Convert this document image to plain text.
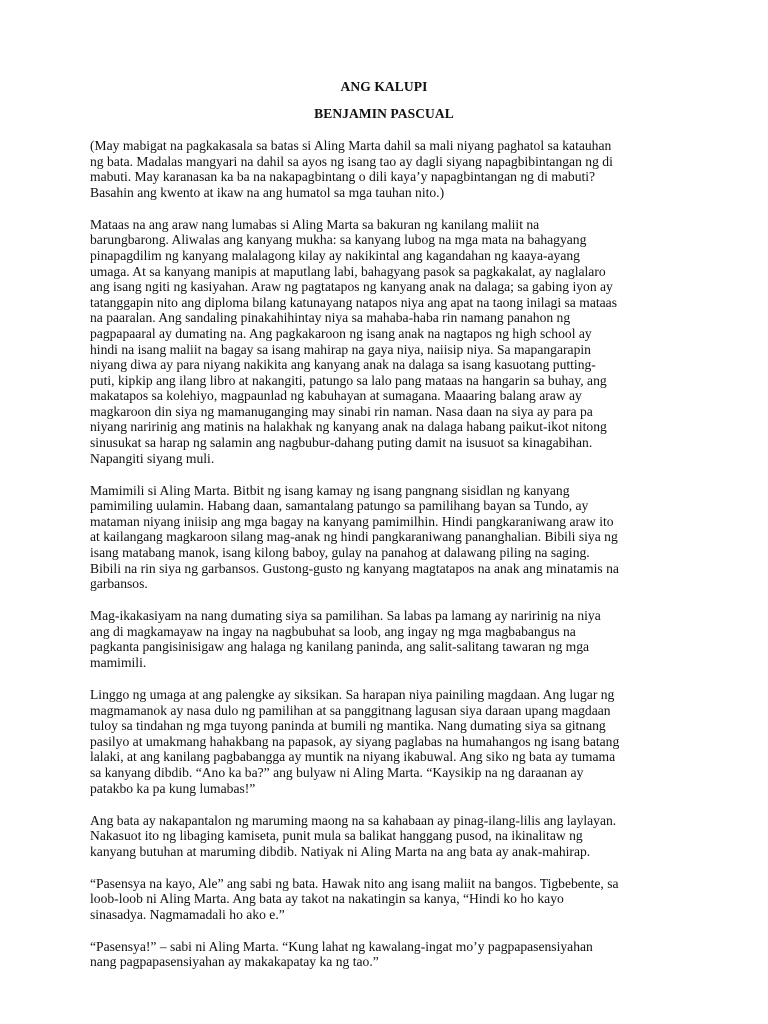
ANG KALUPI
BENJAMIN PASCUAL

(May mabigat na pagkakasala sa batas si Aling Marta dahil sa mali niyang paghatol sa katauhan
ng bata. Madalas mangyari na dahil sa ayos ng isang tao ay dagli siyang napagbibintangan ng di
mabuti. May karanasan ka ba na nakapagbintang o dili kaya’y napagbintangan ng di mabuti?
Basahin ang kwento at ikaw na ang humatol sa mga tauhan nito.)

Mataas na ang araw nang lumabas si Aling Marta sa bakuran ng kanilang maliit na
barungbarong. Aliwalas ang kanyang mukha: sa kanyang lubog na mga mata na bahagyang
pinapagdilim ng kanyang malalagong kilay ay nakikintal ang kagandahan ng kaaya-ayang
umaga. At sa kanyang manipis at maputlang labi, bahagyang pasok sa pagkakalat, ay naglalaro
ang isang ngiti ng kasiyahan. Araw ng pagtatapos ng kanyang anak na dalaga; sa gabing iyon ay
tatanggapin nito ang diploma bilang katunayang natapos niya ang apat na taong inilagi sa mataas
na paaralan. Ang sandaling pinakahihintay niya sa mahaba-haba rin namang panahon ng
pagpapaaral ay dumating na. Ang pagkakaroon ng isang anak na nagtapos ng high school ay
hindi na isang maliit na bagay sa isang mahirap na gaya niya, naiisip niya. Sa mapangarapin
niyang diwa ay para niyang nakikita ang kanyang anak na dalaga sa isang kasuotang putting-
puti, kipkip ang ilang libro at nakangiti, patungo sa lalo pang mataas na hangarin sa buhay, ang
makatapos sa kolehiyo, magpaunlad ng kabuhayan at sumagana. Maaaring balang araw ay
magkaroon din siya ng mamanuganging may sinabi rin naman. Nasa daan na siya ay para pa
niyang naririnig ang matinis na halakhak ng kanyang anak na dalaga habang paikut-ikot nitong
sinusukat sa harap ng salamin ang nagbubur-dahang puting damit na isusuot sa kinagabihan.
Napangiti siyang muli.

Mamimili si Aling Marta. Bitbit ng isang kamay ng isang pangnang sisidlan ng kanyang
pamimiling uulamin. Habang daan, samantalang patungo sa pamilihang bayan sa Tundo, ay
mataman niyang iniisip ang mga bagay na kanyang pamimilhin. Hindi pangkaraniwang araw ito
at kailangang magkaroon silang mag-anak ng hindi pangkaraniwang pananghalian. Bibili siya ng
isang matabang manok, isang kilong baboy, gulay na panahog at dalawang piling na saging.
Bibili na rin siya ng garbansos. Gustong-gusto ng kanyang magtatapos na anak ang minatamis na
garbansos.

Mag-ikakasiyam na nang dumating siya sa pamilihan. Sa labas pa lamang ay naririnig na niya
ang di magkamayaw na ingay na nagbubuhat sa loob, ang ingay ng mga magbabangus na
pagkanta pangisinisigaw ang halaga ng kanilang paninda, ang salit-salitang tawaran ng mga
mamimili.

Linggo ng umaga at ang palengke ay siksikan. Sa harapan niya painiling magdaan. Ang lugar ng
magmamanok ay nasa dulo ng pamilihan at sa panggitnang lagusan siya daraan upang magdaan
tuloy sa tindahan ng mga tuyong paninda at bumili ng mantika. Nang dumating siya sa gitnang
pasilyo at umakmang hahakbang na papasok, ay siyang paglabas na humahangos ng isang batang
lalaki, at ang kanilang pagbabangga ay muntik na niyang ikabuwal. Ang siko ng bata ay tumama
sa kanyang dibdib. “Ano ka ba?” ang bulyaw ni Aling Marta. “Kaysikip na ng daraanan ay
patakbo ka pa kung lumabas!”

Ang bata ay nakapantalon ng maruming maong na sa kahabaan ay pinag-ilang-lilis ang laylayan.
Nakasuot ito ng libaging kamiseta, punit mula sa balikat hanggang pusod, na ikinalitaw ng
kanyang butuhan at maruming dibdib. Natiyak ni Aling Marta na ang bata ay anak-mahirap.

“Pasensya na kayo, Ale” ang sabi ng bata. Hawak nito ang isang maliit na bangos. Tigbebente, sa
loob-loob ni Aling Marta. Ang bata ay takot na nakatingin sa kanya, “Hindi ko ho kayo
sinasadya. Nagmamadali ho ako e.”

“Pasensya!” – sabi ni Aling Marta. “Kung lahat ng kawalang-ingat mo’y pagpapasensiyahan
nang pagpapasensiyahan ay makakapatay ka ng tao.”
